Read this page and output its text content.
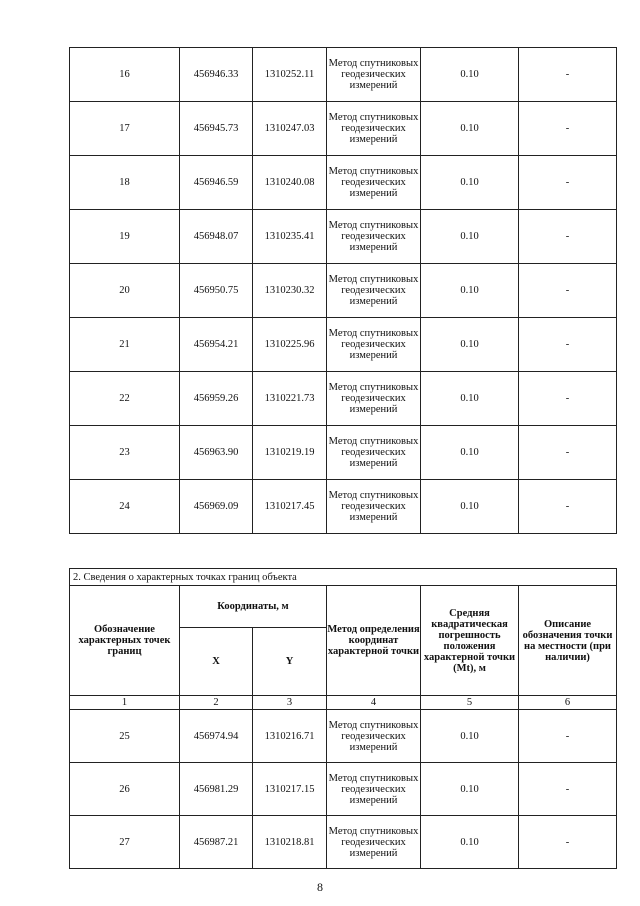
16	456946.33	1310252.11	Метод спутниковых геодезических измерений	0.10	-
17	456945.73	1310247.03	Метод спутниковых геодезических измерений	0.10	-
18	456946.59	1310240.08	Метод спутниковых геодезических измерений	0.10	-
19	456948.07	1310235.41	Метод спутниковых геодезических измерений	0.10	-
20	456950.75	1310230.32	Метод спутниковых геодезических измерений	0.10	-
21	456954.21	1310225.96	Метод спутниковых геодезических измерений	0.10	-
22	456959.26	1310221.73	Метод спутниковых геодезических измерений	0.10	-
23	456963.90	1310219.19	Метод спутниковых геодезических измерений	0.10	-
24	456969.09	1310217.45	Метод спутниковых геодезических измерений	0.10	-
2. Сведения о характерных точках границ объекта					
Обозначение характерных точек границ	Координаты, м		Метод определения координат характерной точки	Средняя квадратическая погрешность положения характерной точки (Mt), м	Описание обозначения точки на местности (при наличии)
	X	Y			
1	2	3	4	5	6
25	456974.94	1310216.71	Метод спутниковых геодезических измерений	0.10	-
26	456981.29	1310217.15	Метод спутниковых геодезических измерений	0.10	-
27	456987.21	1310218.81	Метод спутниковых геодезических измерений	0.10	-
8
